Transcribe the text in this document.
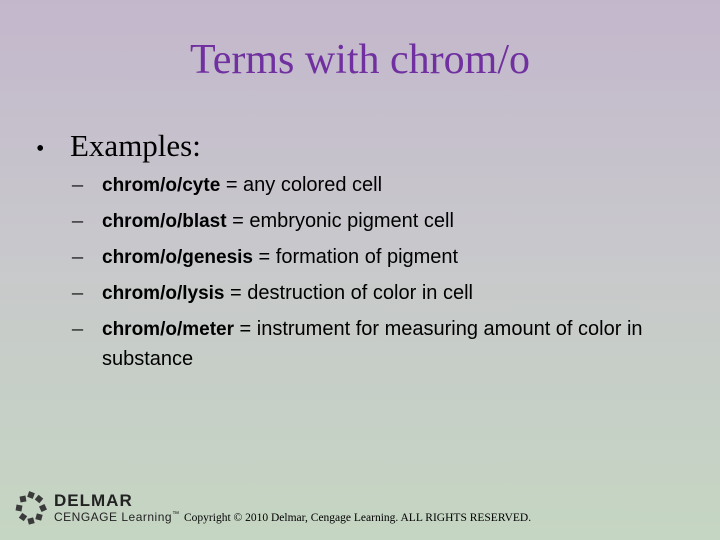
Terms with chrom/o
• Examples:
–	chrom/o/cyte = any colored cell
–	chrom/o/blast = embryonic pigment cell
–	chrom/o/genesis = formation of pigment
–	chrom/o/lysis = destruction of color in cell
–	chrom/o/meter = instrument for measuring amount of color in substance
DELMAR
CENGAGE Learning™ Copyright © 2010 Delmar, Cengage Learning. ALL RIGHTS RESERVED.
